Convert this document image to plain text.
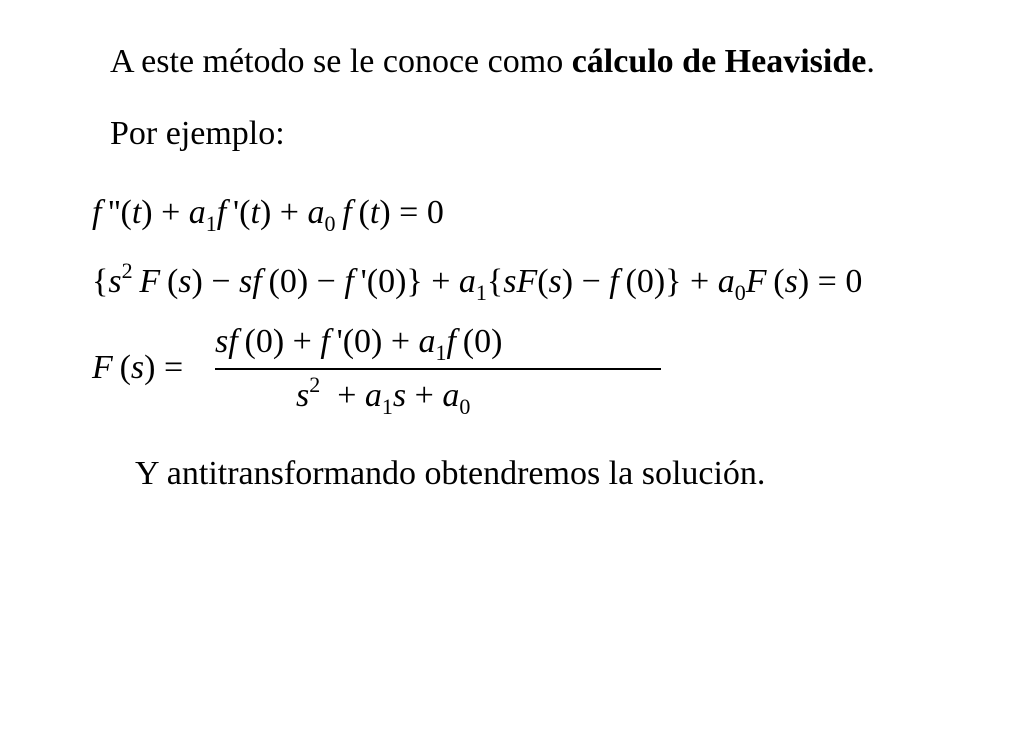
A este método se le conoce como cálculo de Heaviside.
Por ejemplo:
f ''$(t) + a_1f$ '$(t) + a_0$  f (t) = 0
{$s^2$  F (s) − sf (0) − f '$(0)\} + a_1\{sF(s) - f$ $(0)\} + a_0F$ (s) = 0
F (s) =
sf (0) + f '$(0) + a_1f$ (0)
$s^2 + a_1s + a_0$
Y antitransformando obtendremos la solución.
